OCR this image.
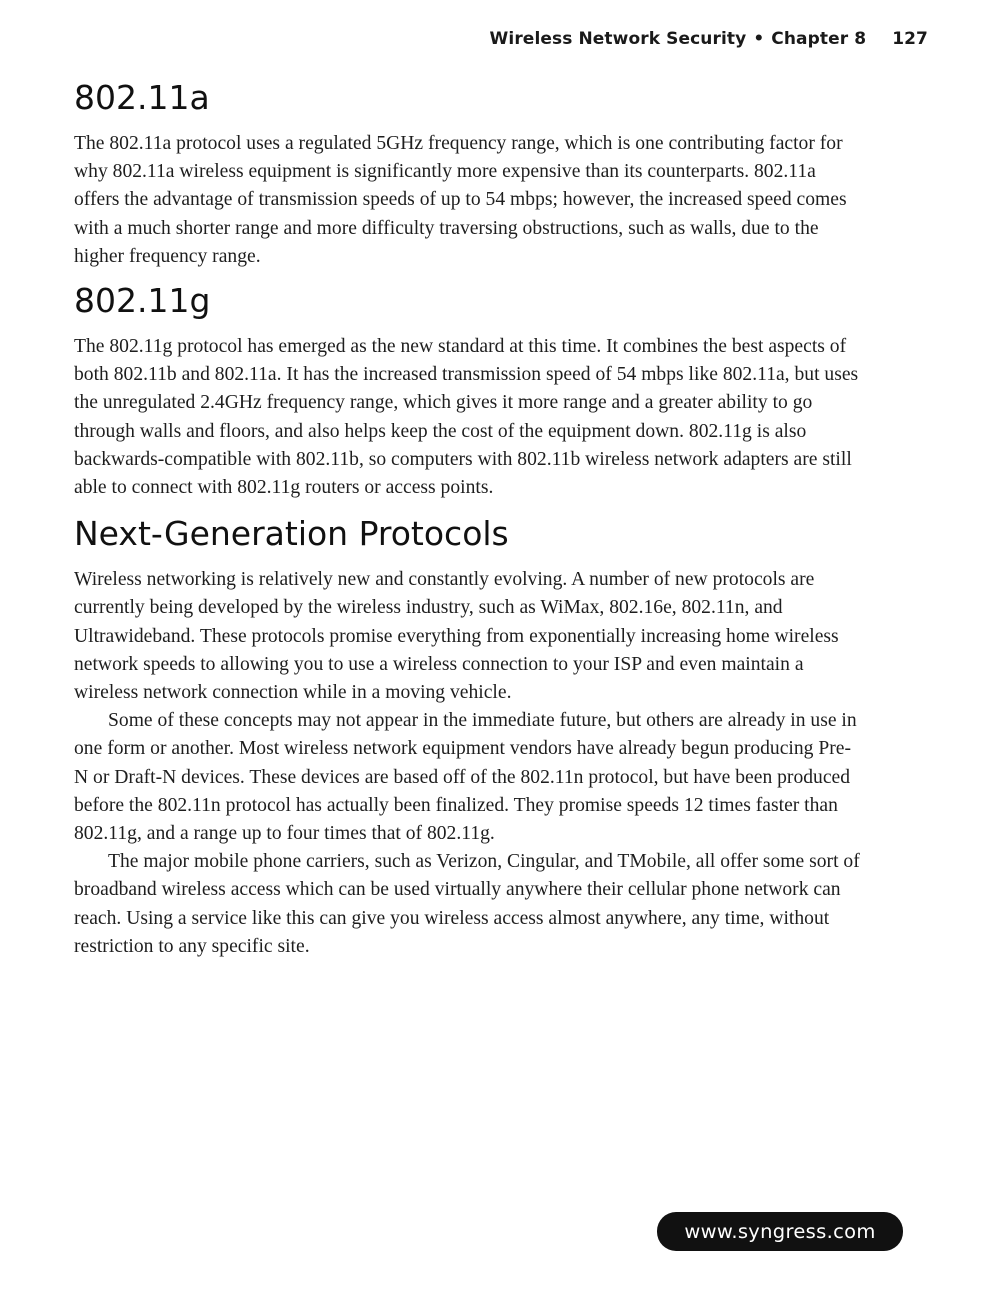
Wireless Network Security • Chapter 8 127
802.11a

The 802.11a protocol uses a regulated 5GHz frequency range, which is one contributing factor for why 802.11a wireless equipment is significantly more expensive than its counterparts. 802.11a offers the advantage of transmission speeds of up to 54 mbps; however, the increased speed comes with a much shorter range and more difficulty traversing obstructions, such as walls, due to the higher frequency range.

802.11g

The 802.11g protocol has emerged as the new standard at this time. It combines the best aspects of both 802.11b and 802.11a. It has the increased transmission speed of 54 mbps like 802.11a, but uses the unregulated 2.4GHz frequency range, which gives it more range and a greater ability to go through walls and floors, and also helps keep the cost of the equipment down. 802.11g is also backwards-compatible with 802.11b, so computers with 802.11b wireless network adapters are still able to connect with 802.11g routers or access points.

Next-Generation Protocols

Wireless networking is relatively new and constantly evolving. A number of new protocols are currently being developed by the wireless industry, such as WiMax, 802.16e, 802.11n, and Ultrawideband. These protocols promise everything from exponentially increasing home wireless network speeds to allowing you to use a wireless connection to your ISP and even maintain a wireless network connection while in a moving vehicle.

Some of these concepts may not appear in the immediate future, but others are already in use in one form or another. Most wireless network equipment vendors have already begun producing Pre-N or Draft-N devices. These devices are based off of the 802.11n protocol, but have been produced before the 802.11n protocol has actually been finalized. They promise speeds 12 times faster than 802.11g, and a range up to four times that of 802.11g.

The major mobile phone carriers, such as Verizon, Cingular, and TMobile, all offer some sort of broadband wireless access which can be used virtually anywhere their cellular phone network can reach. Using a service like this can give you wireless access almost anywhere, any time, without restriction to any specific site.

www.syngress.com
